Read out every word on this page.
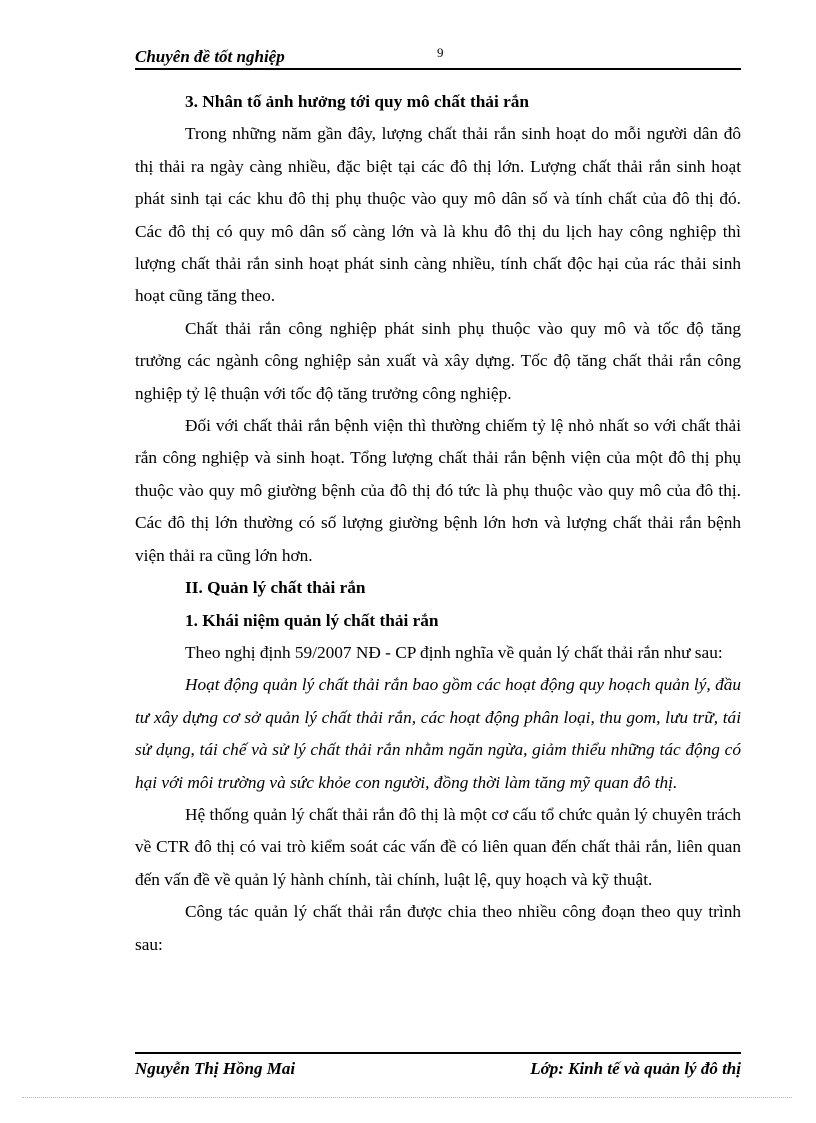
Chuyên đề tốt nghiệp	9

3. Nhân tố ảnh hưởng tới quy mô chất thải rắn

Trong những năm gần đây, lượng chất thải rắn sinh hoạt do mỗi người dân đô thị thải ra ngày càng nhiều, đặc biệt tại các đô thị lớn. Lượng chất thải rắn sinh hoạt phát sinh tại các khu đô thị phụ thuộc vào quy mô dân số và tính chất của đô thị đó. Các đô thị có quy mô dân số càng lớn và là khu đô thị du lịch hay công nghiệp thì lượng chất thải rắn sinh hoạt phát sinh càng nhiều, tính chất độc hại của rác thải sinh hoạt cũng tăng theo.

Chất thải rắn công nghiệp phát sinh phụ thuộc vào quy mô và tốc độ tăng trưởng các ngành công nghiệp sản xuất và xây dựng. Tốc độ tăng chất thải rắn công nghiệp tỷ lệ thuận với tốc độ tăng trưởng công nghiệp.

Đối với chất thải rắn bệnh viện thì thường chiếm tỷ lệ nhỏ nhất so với chất thải rắn công nghiệp và sinh hoạt. Tổng lượng chất thải rắn bệnh viện của một đô thị phụ thuộc vào quy mô giường bệnh của đô thị đó tức là phụ thuộc vào quy mô của đô thị. Các đô thị lớn thường có số lượng giường bệnh lớn hơn và lượng chất thải rắn bệnh viện thải ra cũng lớn hơn.

II. Quản lý chất thải rắn

1. Khái niệm quản lý chất thải rắn

Theo nghị định 59/2007 NĐ - CP định nghĩa về quản lý chất thải rắn như sau:

Hoạt động quản lý chất thải rắn bao gồm các hoạt động quy hoạch quản lý, đầu tư xây dựng cơ sở quản lý chất thải rắn, các hoạt động phân loại, thu gom, lưu trữ, tái sử dụng, tái chế và sử lý chất thải rắn nhằm ngăn ngừa, giảm thiểu những tác động có hại với môi trường và sức khỏe con người, đồng thời làm tăng mỹ quan đô thị.

Hệ thống quản lý chất thải rắn đô thị là một cơ cấu tổ chức quản lý chuyên trách về CTR đô thị có vai trò kiểm soát các vấn đề có liên quan đến chất thải rắn, liên quan đến vấn đề về quản lý hành chính, tài chính, luật lệ, quy hoạch và kỹ thuật.

Công tác quản lý chất thải rắn được chia theo nhiều công đoạn theo quy trình sau:

Nguyễn Thị Hồng Mai	Lớp: Kinh tế và quản lý đô thị
